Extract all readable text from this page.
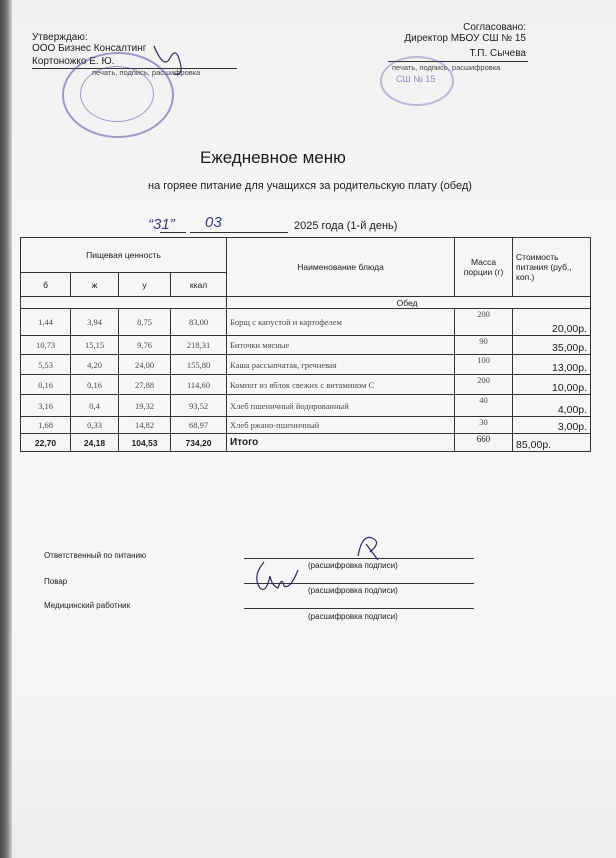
Утверждаю:
ООО Бизнес Консалтинг
Кортоножко Е. Ю.
печать, подпись, расшифровка
Согласовано:
Директор МБОУ СШ № 15
Т.П. Сычева
печать, подпись, расшифровка
СШ № 15
Ежедневное меню
на горяее питание для учащихся за родительскую плату (обед)
“31” 03	2025 года (1-й день)
Пищевая ценность				Наименование блюда	Масса порции (г)	Стоимость питания (руб., коп.)
б	ж	у	ккал			
				Обед		
1,44	3,94	8,75	83,00	Борщ с капустой и картофелем	200	20,00р.
10,73	15,15	9,76	218,31	Биточки мясные	90	35,00р.
5,53	4,20	24,00	155,80	Каша рассыпчатая, гречневая	100	13,00р.
0,16	0,16	27,88	114,60	Компот из яблок свежих с витамином С	200	10,00р.
3,16	0,4	19,32	93,52	Хлеб пшеничный йодированный	40	4,00р.
1,68	0,33	14,82	68,97	Хлеб ржано-пшеничный	30	3,00р.
22,70	24,18	104,53	734,20	Итого	660	85,00р.
Ответственный по питанию
(расшифровка подписи)
Повар
(расшифровка подписи)
Медицинский работник
(расшифровка подписи)
